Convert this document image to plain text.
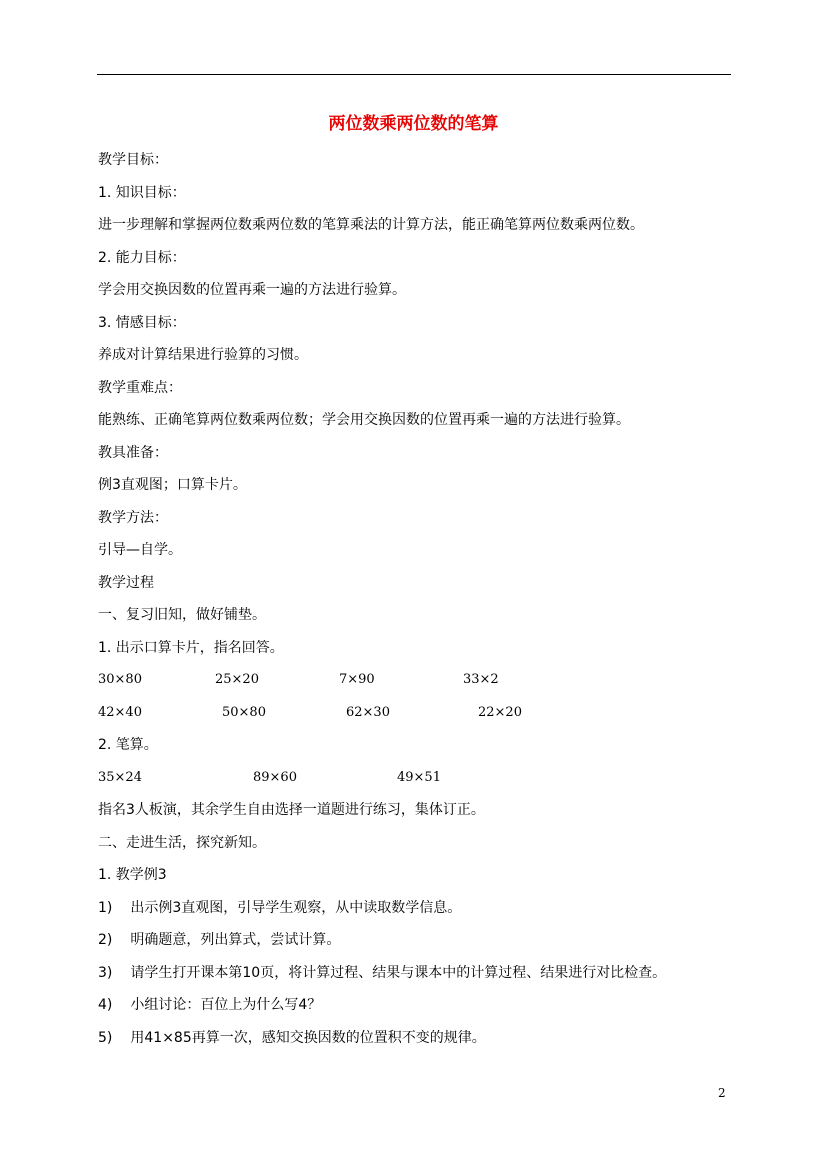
两位数乘两位数的笔算
教学目标：
1. 知识目标：
进一步理解和掌握两位数乘两位数的笔算乘法的计算方法，能正确笔算两位数乘两位数。
2. 能力目标：
学会用交换因数的位置再乘一遍的方法进行验算。
3. 情感目标：
养成对计算结果进行验算的习惯。
教学重难点：
能熟练、正确笔算两位数乘两位数；学会用交换因数的位置再乘一遍的方法进行验算。
教具准备：
例3直观图；口算卡片。
教学方法：
引导—自学。
教学过程
一、复习旧知，做好铺垫。
1. 出示口算卡片，指名回答。
30×80	25×20	7×90	33×2
42×40	50×80	62×30	22×20
2. 笔算。
35×24	89×60	49×51
指名3人板演，其余学生自由选择一道题进行练习，集体订正。
二、走进生活，探究新知。
1. 教学例3
1) 出示例3直观图，引导学生观察，从中读取数学信息。
2) 明确题意，列出算式，尝试计算。
3) 请学生打开课本第10页，将计算过程、结果与课本中的计算过程、结果进行对比检查。
4) 小组讨论：百位上为什么写4？
5) 用41×85再算一次，感知交换因数的位置积不变的规律。
2
